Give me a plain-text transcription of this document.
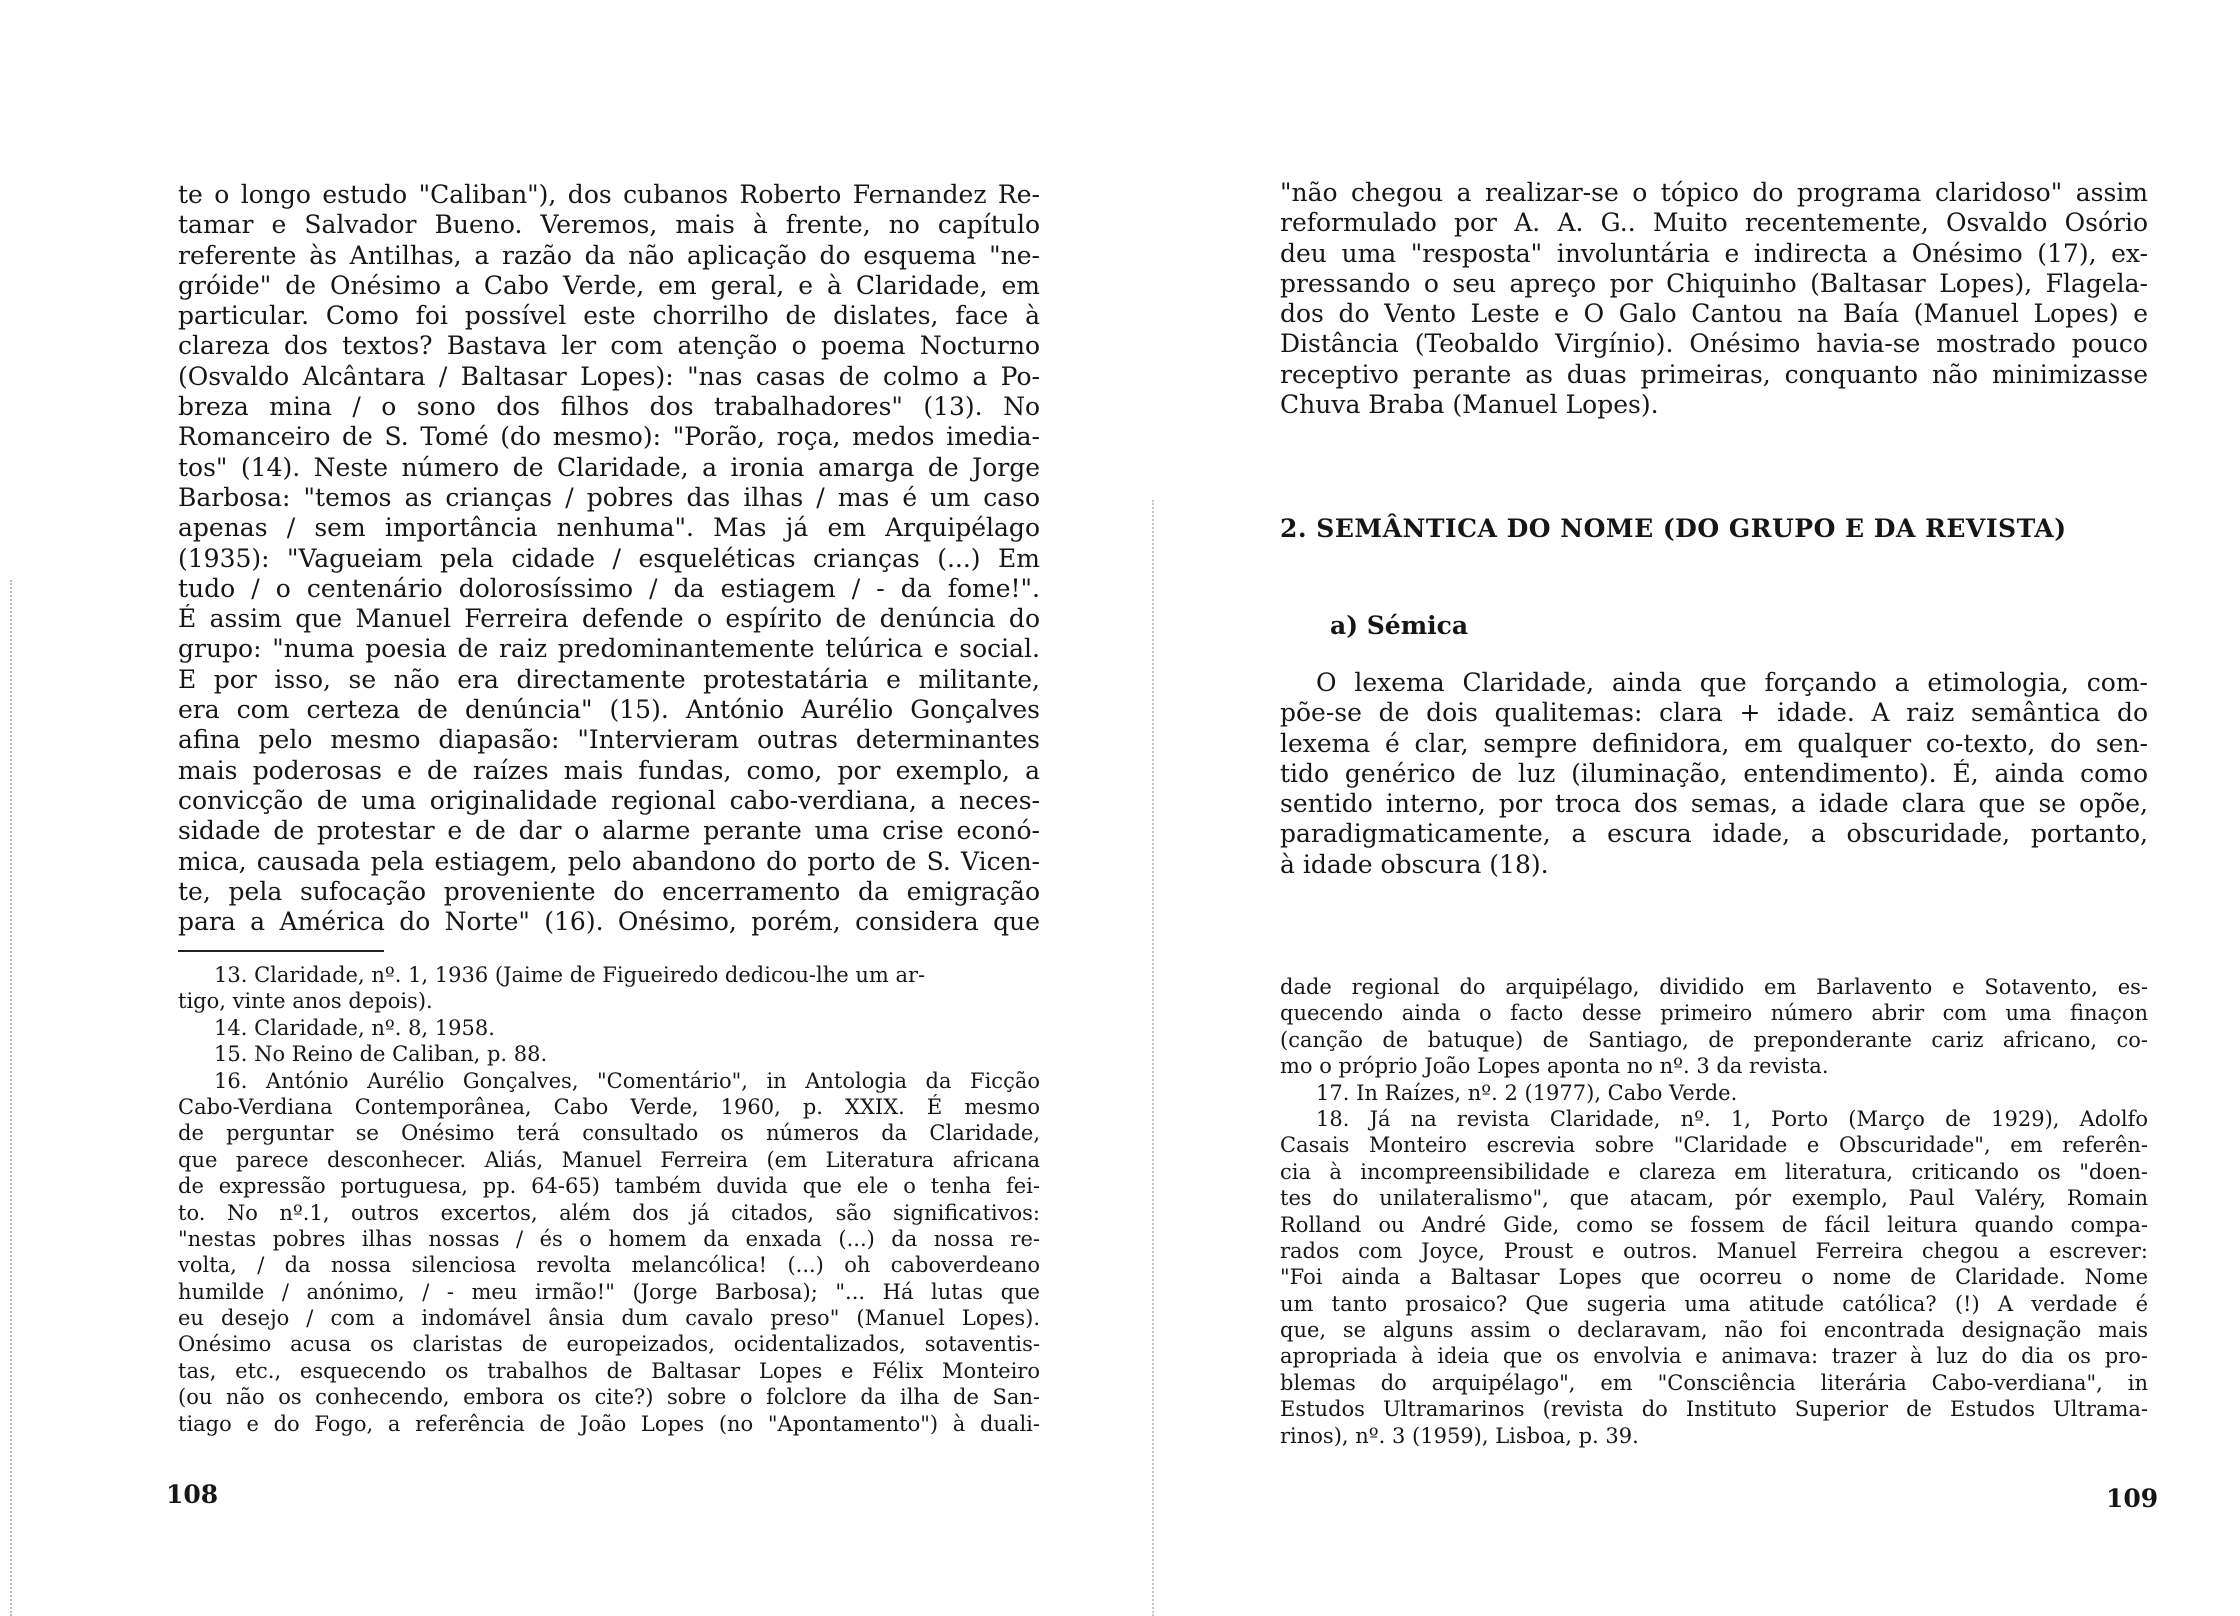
te o longo estudo "Caliban"), dos cubanos Roberto Fernandez Re-
tamar e Salvador Bueno. Veremos, mais à frente, no capítulo
referente às Antilhas, a razão da não aplicação do esquema "ne-
gróide" de Onésimo a Cabo Verde, em geral, e à Claridade, em
particular. Como foi possível este chorrilho de dislates, face à
clareza dos textos? Bastava ler com atenção o poema Nocturno
(Osvaldo Alcântara / Baltasar Lopes): "nas casas de colmo a Po-
breza mina / o sono dos filhos dos trabalhadores" (13). No
Romanceiro de S. Tomé (do mesmo): "Porão, roça, medos imedia-
tos" (14). Neste número de Claridade, a ironia amarga de Jorge
Barbosa: "temos as crianças / pobres das ilhas / mas é um caso
apenas / sem importância nenhuma". Mas já em Arquipélago
(1935): "Vagueiam pela cidade / esqueléticas crianças (...) Em
tudo / o centenário dolorosíssimo / da estiagem / - da fome!".
É assim que Manuel Ferreira defende o espírito de denúncia do
grupo: "numa poesia de raiz predominantemente telúrica e social.
E por isso, se não era directamente protestatária e militante,
era com certeza de denúncia" (15). António Aurélio Gonçalves
afina pelo mesmo diapasão: "Intervieram outras determinantes
mais poderosas e de raízes mais fundas, como, por exemplo, a
convicção de uma originalidade regional cabo-verdiana, a neces-
sidade de protestar e de dar o alarme perante uma crise econó-
mica, causada pela estiagem, pelo abandono do porto de S. Vicen-
te, pela sufocação proveniente do encerramento da emigração
para a América do Norte" (16). Onésimo, porém, considera que
13. Claridade, nº. 1, 1936 (Jaime de Figueiredo dedicou-lhe um ar-
tigo, vinte anos depois).
14. Claridade, nº. 8, 1958.
15. No Reino de Caliban, p. 88.
16. António Aurélio Gonçalves, "Comentário", in Antologia da Ficção
Cabo-Verdiana Contemporânea, Cabo Verde, 1960, p. XXIX. É mesmo
de perguntar se Onésimo terá consultado os números da Claridade,
que parece desconhecer. Aliás, Manuel Ferreira (em Literatura africana
de expressão portuguesa, pp. 64-65) também duvida que ele o tenha fei-
to. No nº.1, outros excertos, além dos já citados, são significativos:
"nestas pobres ilhas nossas / és o homem da enxada (...) da nossa re-
volta, / da nossa silenciosa revolta melancólica! (...) oh caboverdeano
humilde / anónimo, / - meu irmão!" (Jorge Barbosa); "... Há lutas que
eu desejo / com a indomável ânsia dum cavalo preso" (Manuel Lopes).
Onésimo acusa os claristas de europeizados, ocidentalizados, sotaventis-
tas, etc., esquecendo os trabalhos de Baltasar Lopes e Félix Monteiro
(ou não os conhecendo, embora os cite?) sobre o folclore da ilha de San-
tiago e do Fogo, a referência de João Lopes (no "Apontamento") à duali-

108

"não chegou a realizar-se o tópico do programa claridoso" assim
reformulado por A. A. G.. Muito recentemente, Osvaldo Osório
deu uma "resposta" involuntária e indirecta a Onésimo (17), ex-
pressando o seu apreço por Chiquinho (Baltasar Lopes), Flagela-
dos do Vento Leste e O Galo Cantou na Baía (Manuel Lopes) e
Distância (Teobaldo Virgínio). Onésimo havia-se mostrado pouco
receptivo perante as duas primeiras, conquanto não minimizasse
Chuva Braba (Manuel Lopes).
2. SEMÂNTICA DO NOME (DO GRUPO E DA REVISTA)
a) Sémica
O lexema Claridade, ainda que forçando a etimologia, com-
põe-se de dois qualitemas: clara + idade. A raiz semântica do
lexema é clar, sempre definidora, em qualquer co-texto, do sen-
tido genérico de luz (iluminação, entendimento). É, ainda como
sentido interno, por troca dos semas, a idade clara que se opõe,
paradigmaticamente, a escura idade, a obscuridade, portanto,
à idade obscura (18).
dade regional do arquipélago, dividido em Barlavento e Sotavento, es-
quecendo ainda o facto desse primeiro número abrir com uma finaçon
(canção de batuque) de Santiago, de preponderante cariz africano, co-
mo o próprio João Lopes aponta no nº. 3 da revista.
17. In Raízes, nº. 2 (1977), Cabo Verde.
18. Já na revista Claridade, nº. 1, Porto (Março de 1929), Adolfo
Casais Monteiro escrevia sobre "Claridade e Obscuridade", em referên-
cia à incompreensibilidade e clareza em literatura, criticando os "doen-
tes do unilateralismo", que atacam, pór exemplo, Paul Valéry, Romain
Rolland ou André Gide, como se fossem de fácil leitura quando compa-
rados com Joyce, Proust e outros. Manuel Ferreira chegou a escrever:
"Foi ainda a Baltasar Lopes que ocorreu o nome de Claridade. Nome
um tanto prosaico? Que sugeria uma atitude católica? (!) A verdade é
que, se alguns assim o declaravam, não foi encontrada designação mais
apropriada à ideia que os envolvia e animava: trazer à luz do dia os pro-
blemas do arquipélago", em "Consciência literária Cabo-verdiana", in
Estudos Ultramarinos (revista do Instituto Superior de Estudos Ultrama-
rinos), nº. 3 (1959), Lisboa, p. 39.

109
